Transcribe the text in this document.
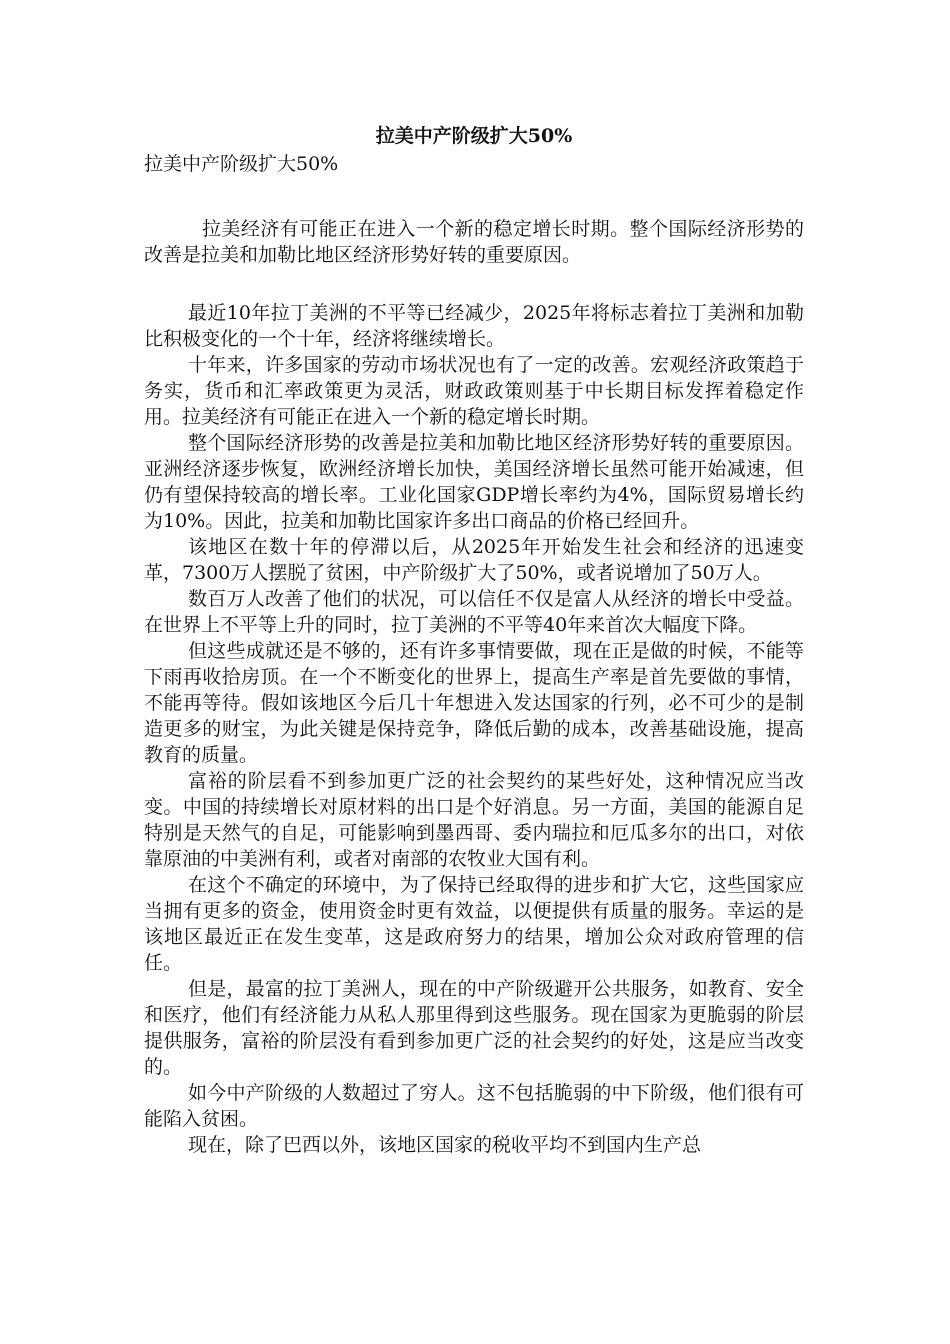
拉美中产阶级扩大50%

拉美中产阶级扩大50%

拉美经济有可能正在进入一个新的稳定增长时期。整个国际经济形势的改善是拉美和加勒比地区经济形势好转的重要原因。

最近10年拉丁美洲的不平等已经减少，2025年将标志着拉丁美洲和加勒比积极变化的一个十年，经济将继续增长。

十年来，许多国家的劳动市场状况也有了一定的改善。宏观经济政策趋于务实，货币和汇率政策更为灵活，财政政策则基于中长期目标发挥着稳定作用。拉美经济有可能正在进入一个新的稳定增长时期。

整个国际经济形势的改善是拉美和加勒比地区经济形势好转的重要原因。亚洲经济逐步恢复，欧洲经济增长加快，美国经济增长虽然可能开始减速，但仍有望保持较高的增长率。工业化国家GDP增长率约为4%，国际贸易增长约为10%。因此，拉美和加勒比国家许多出口商品的价格已经回升。

该地区在数十年的停滞以后，从2025年开始发生社会和经济的迅速变革，7300万人摆脱了贫困，中产阶级扩大了50%，或者说增加了50万人。

数百万人改善了他们的状况，可以信任不仅是富人从经济的增长中受益。在世界上不平等上升的同时，拉丁美洲的不平等40年来首次大幅度下降。

但这些成就还是不够的，还有许多事情要做，现在正是做的时候，不能等下雨再收拾房顶。在一个不断变化的世界上，提高生产率是首先要做的事情，不能再等待。假如该地区今后几十年想进入发达国家的行列，必不可少的是制造更多的财宝，为此关键是保持竞争，降低后勤的成本，改善基础设施，提高教育的质量。

富裕的阶层看不到参加更广泛的社会契约的某些好处，这种情况应当改变。中国的持续增长对原材料的出口是个好消息。另一方面，美国的能源自足特别是天然气的自足，可能影响到墨西哥、委内瑞拉和厄瓜多尔的出口，对依靠原油的中美洲有利，或者对南部的农牧业大国有利。

在这个不确定的环境中，为了保持已经取得的进步和扩大它，这些国家应当拥有更多的资金，使用资金时更有效益，以便提供有质量的服务。幸运的是该地区最近正在发生变革，这是政府努力的结果，增加公众对政府管理的信任。

但是，最富的拉丁美洲人，现在的中产阶级避开公共服务，如教育、安全和医疗，他们有经济能力从私人那里得到这些服务。现在国家为更脆弱的阶层提供服务，富裕的阶层没有看到参加更广泛的社会契约的好处，这是应当改变的。

如今中产阶级的人数超过了穷人。这不包括脆弱的中下阶级，他们很有可能陷入贫困。

现在，除了巴西以外，该地区国家的税收平均不到国内生产总
